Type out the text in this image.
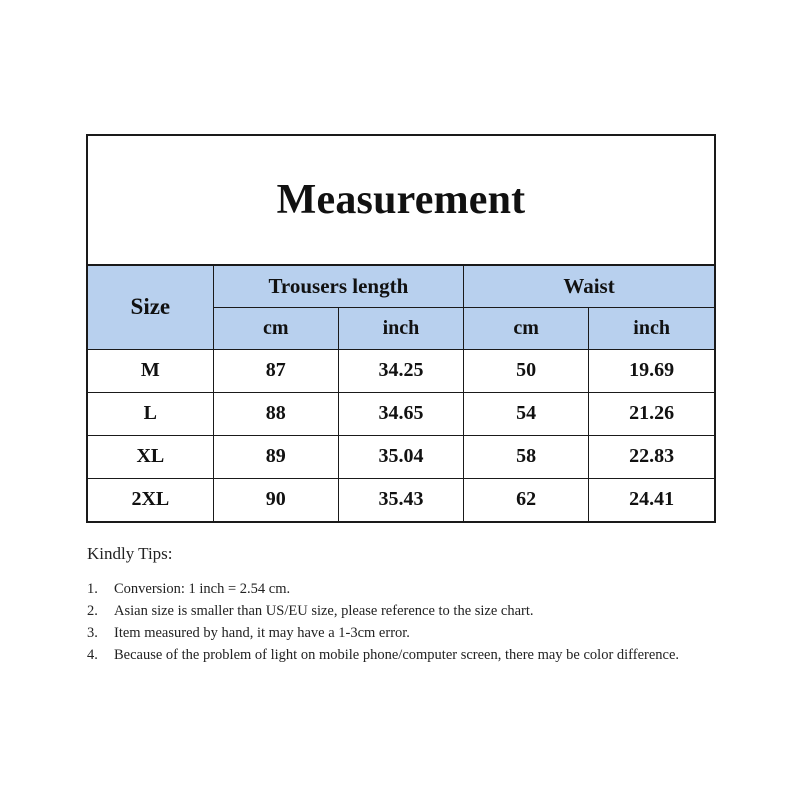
Measurement
Size	Trousers length		Waist	
	cm	inch	cm	inch
M	87	34.25	50	19.69
L	88	34.65	54	21.26
XL	89	35.04	58	22.83
2XL	90	35.43	62	24.41
Kindly Tips:
1.	Conversion: 1 inch = 2.54 cm.
2.	Asian size is smaller than US/EU size, please reference to the size chart.
3.	Item measured by hand, it may have a 1-3cm error.
4.	Because of the problem of light on mobile phone/computer screen, there may be color difference.
